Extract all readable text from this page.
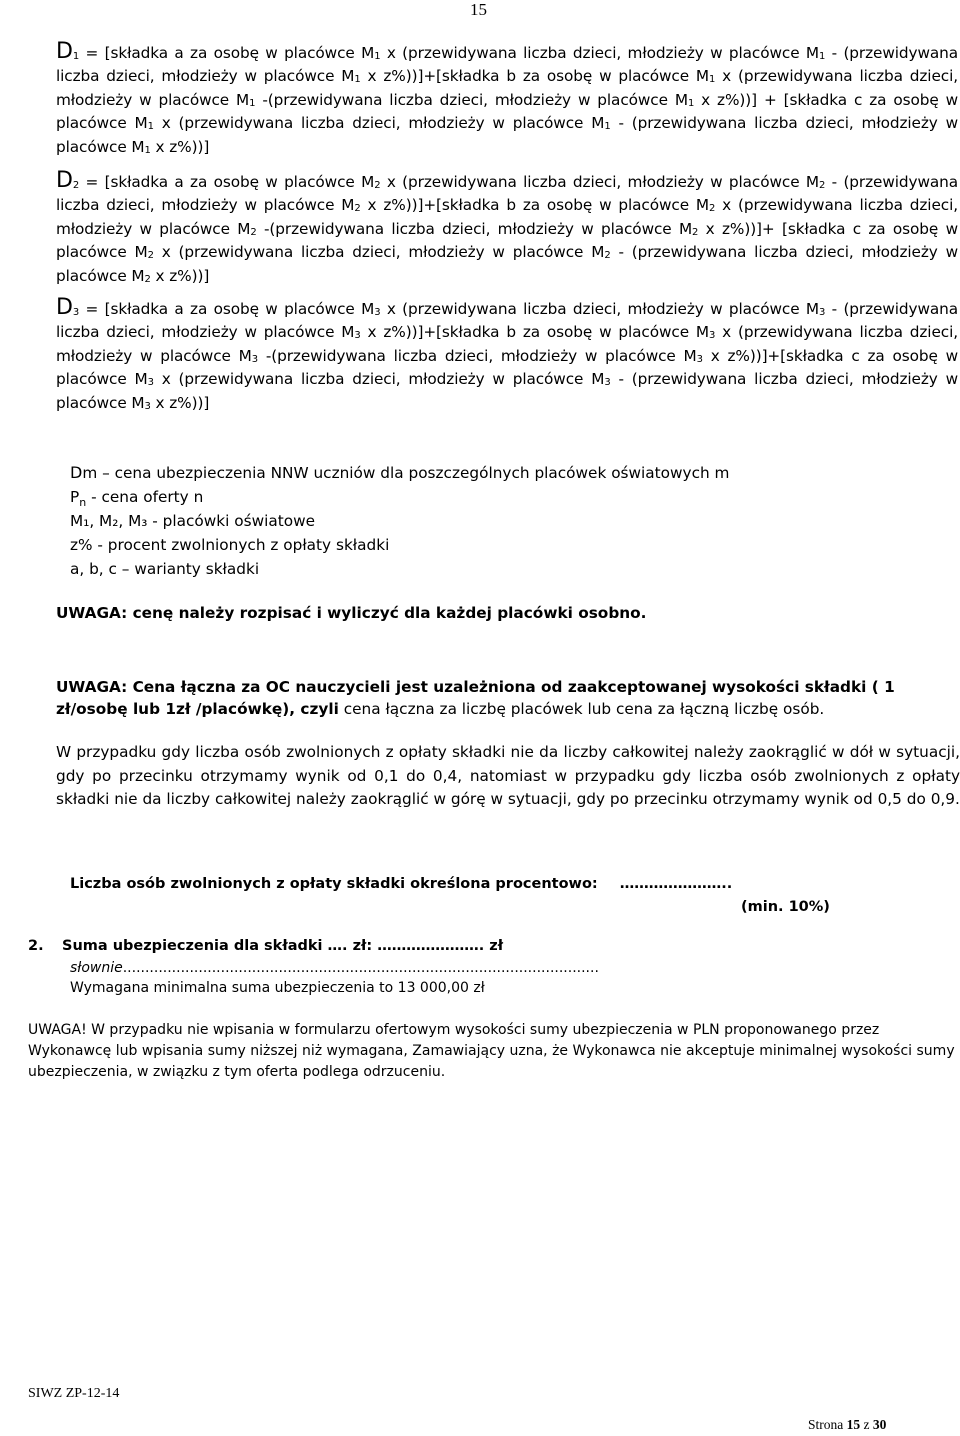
15
$D_1$ = [składka a za osobę w placówce $M_1$ x (przewidywana liczba dzieci, młodzieży w placówce $M_1$ - (przewidywana liczba dzieci, młodzieży w placówce $M_1$ x z%))]+[składka b za osobę w placówce $M_1$ x (przewidywana liczba dzieci, młodzieży w placówce $M_1$ -(przewidywana liczba dzieci, młodzieży w placówce $M_1$ x z%))] + [składka c za osobę w placówce $M_1$ x (przewidywana liczba dzieci, młodzieży w placówce $M_1$ - (przewidywana liczba dzieci, młodzieży w placówce $M_1$ x z%))]
$D_2$ = [składka a za osobę w placówce $M_2$ x (przewidywana liczba dzieci, młodzieży w placówce $M_2$ - (przewidywana liczba dzieci, młodzieży w placówce $M_2$ x z%))]+[składka b za osobę w placówce $M_2$ x (przewidywana liczba dzieci, młodzieży w placówce $M_2$ -(przewidywana liczba dzieci, młodzieży w placówce $M_2$ x z%))]+ [składka c za osobę w placówce $M_2$ x (przewidywana liczba dzieci, młodzieży w placówce $M_2$ - (przewidywana liczba dzieci, młodzieży w placówce $M_2$ x z%))]
$D_3$ = [składka a za osobę w placówce $M_3$ x (przewidywana liczba dzieci, młodzieży w placówce $M_3$ - (przewidywana liczba dzieci, młodzieży w placówce $M_3$ x z%))]+[składka b za osobę w placówce $M_3$ x (przewidywana liczba dzieci, młodzieży w placówce $M_3$ -(przewidywana liczba dzieci, młodzieży w placówce $M_3$ x z%))]+[składka c za osobę w placówce $M_3$ x (przewidywana liczba dzieci, młodzieży w placówce $M_3$ - (przewidywana liczba dzieci, młodzieży w placówce $M_3$ x z%))]
Dm – cena ubezpieczenia NNW uczniów dla poszczególnych placówek oświatowych m
$P_n$ - cena oferty n
M₁, M₂, M₃ - placówki oświatowe
z% - procent zwolnionych z opłaty składki
a, b, c – warianty składki
UWAGA: cenę należy rozpisać i wyliczyć dla każdej placówki osobno.
UWAGA: Cena łączna za OC nauczycieli jest uzależniona od zaakceptowanej wysokości składki ( 1 zł/osobę lub 1zł /placówkę), czyli cena łączna za liczbę placówek lub cena za łączną liczbę osób.
W przypadku gdy liczba osób zwolnionych z opłaty składki nie da liczby całkowitej należy zaokrąglić w dół w sytuacji, gdy po przecinku otrzymamy wynik od 0,1 do 0,4, natomiast w przypadku gdy liczba osób zwolnionych z opłaty składki nie da liczby całkowitej należy zaokrąglić w górę w sytuacji, gdy po przecinku otrzymamy wynik od 0,5 do 0,9.
Liczba osób zwolnionych z opłaty składki określona procentowo: …………………..
(min. 10%)
2. Suma ubezpieczenia dla składki …. zł: …………………. zł
słownie...........................................................................................................
Wymagana minimalna suma ubezpieczenia to 13 000,00 zł
UWAGA! W przypadku nie wpisania w formularzu ofertowym wysokości sumy ubezpieczenia w PLN proponowanego przez Wykonawcę lub wpisania sumy niższej niż wymagana, Zamawiający uzna, że Wykonawca nie akceptuje minimalnej wysokości sumy ubezpieczenia, w związku z tym oferta podlega odrzuceniu.
SIWZ ZP-12-14
Strona 15 z 30
